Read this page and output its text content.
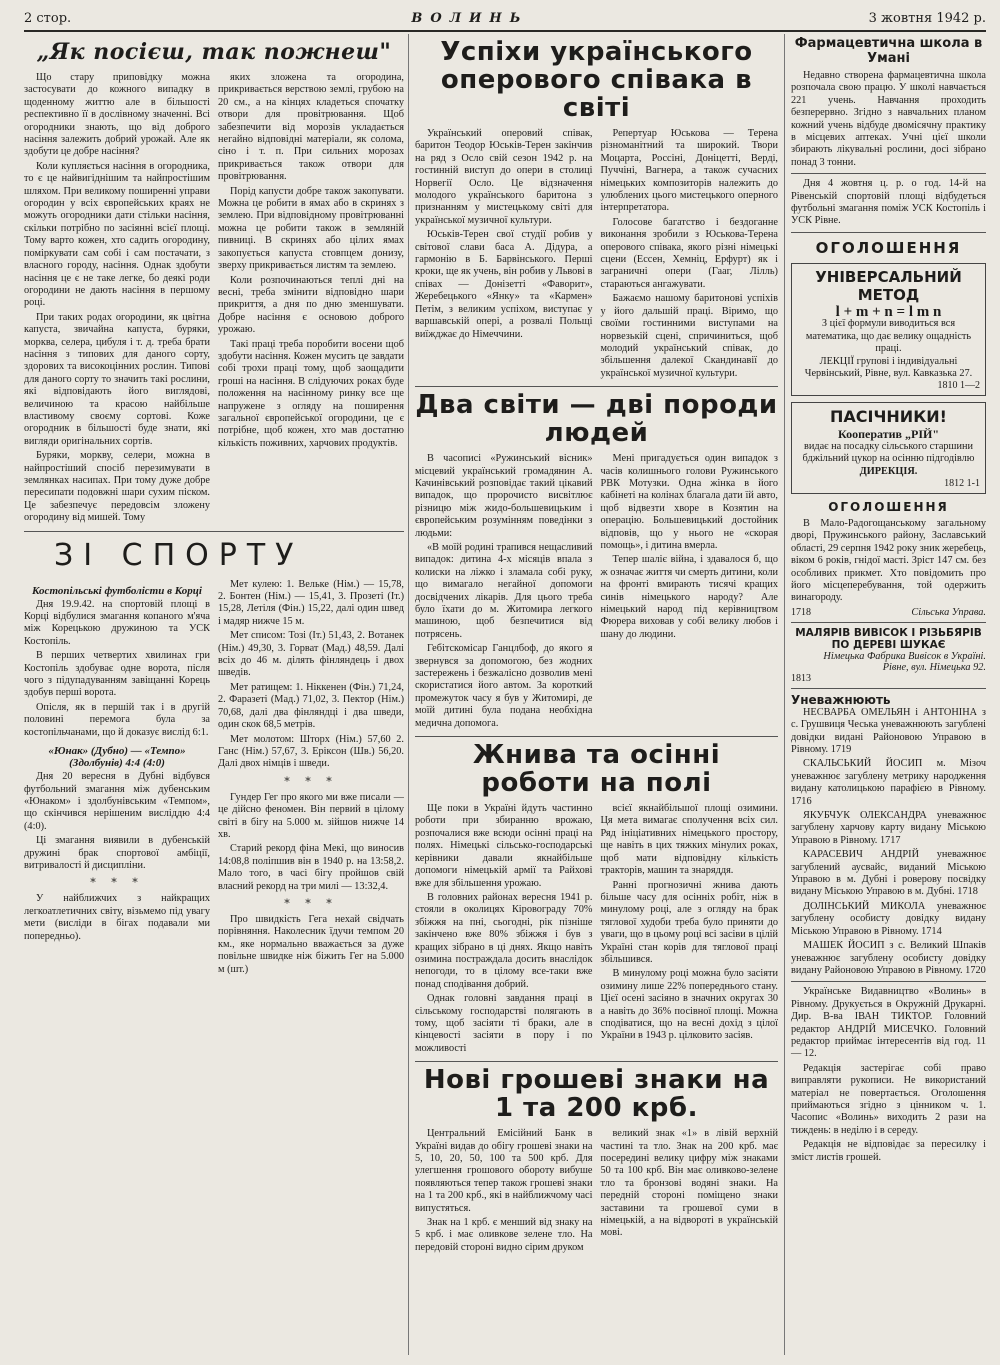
2 стор.	ВОЛИНЬ	3 жовтня 1942 р.
„Як посієш, так пожнеш"

Що стару приповідку можна застосувати до кожного випадку в щоденному життю але в більшості респективно її в дослівному значенні. Всі огородники знають, що від доброго насіння залежить добрий урожай. Але як здобути це добре насіння?

Коли купляється насіння в огородника, то є це найвигіднішим та найпростішим шляхом. При великому поширенні управи огородин у всіх європейських краях не можуть огородники дати стільки насіння, скільки потрібно по засіянні всієї площі. Тому варто кожен, хто садить огородину, поміркувати сам собі і сам постачати, з власного городу, насіння. Однак здобути насіння це є не таке легке, бо деякі роди огородини не дають насіння в першому році.

При таких родах огородини, як цвітна капуста, звичайна капуста, буряки, морква, селера, цибуля і т. д. треба брати насіння з типових для даного сорту, здорових та високоцінних рослин. Типові для даного сорту то значить такі рослини, які відповідають його виглядові, величиною та красою найбільше властивому своєму сортові. Коже огородник в більшості буде знати, які вигляди оригінальних сортів.

Буряки, моркву, селери, можна в найпростіший спосіб перезимувати в землянках насипах. При тому дуже добре пересипати подовжні шари сухим піском. Це забезпечує передовсім зложену огородину від мишей. Тому

яких зложена та огородина, прикривається верствою землі, грубою на 20 см., а на кінцях кладеться спочатку отвори для провітрювання. Щоб забезпечити від морозів укладається негайно відповідні матеріали, як солома, сіно і т. п. При сильних морозах прикривається також отвори для провітрювання.

Порід капусти добре також закопувати. Можна це робити в ямах або в скринях з землею. При відповідному провітрюванні можна це робити також в земляній пивниці. В скринях або цілих ямах закопується капуста стовпцем донизу, зверху прикривається листям та землею.

Коли розпочинаються теплі дні на весні, треба змінити відповідно шари прикриття, а дня по дню зменшувати. Добре насіння є основою доброго урожаю.

Такі праці треба поробити восени щоб здобути насіння. Кожен мусить це завдати собі трохи праці тому, щоб заощадити гроші на насіння. В слідуючих роках буде положення на насінному ринку все ще напружене з огляду на поширення загальної європейської огородини, це є потрібне, щоб кожен, хто мав достатню кількість поживних, харчових продуктів.

ЗІ СПОРТУ
Костопільські футболісти в Корці

Дня 19.9.42. на спортовій площі в Корці відбулися змагання копаного м'яча між Корецькою дружиною та УСК Костопіль.

В перших четвертих хвилинах гри Костопіль здобуває одне ворота, після чого з підупадуванням завіщанні Корець здобув перші ворота.

Опісля, як в першій так і в другій половині перемога була за костопільчанами, що й доказує вислід 6:1.

«Юнак» (Дубно) — «Темпо» (Здолбунів) 4:4 (4:0)

Дня 20 вересня в Дубні відбувся футбольний змагання між дубенським «Юнаком» і здолбунівським «Темпом», що скінчився нерішеним висліддю 4:4 (4:0).

Ці змагання виявили в дубенській дружині брак спортової амбіції, витривалості й дисципліни.

* * *

У найближчих з найкращих легкоатлетичних світу, візьмемо під увагу мети (висліди в бігах подавали ми попередньо).

Мет кулею: 1. Вельке (Нім.) — 15,78, 2. Бонтен (Нім.) — 15,41, 3. Прозеті (Іт.) 15,28, Летіля (Фін.) 15,22, далі один швед і мадяр нижче 15 м.

Мет списом: Тозі (Іт.) 51,43, 2. Вотанек (Нім.) 49,30, 3. Горват (Мад.) 48,59. Далі всіх до 46 м. ділять фінляндець і двох шведів.

Мет ратищем: 1. Ніккенен (Фін.) 71,24, 2. Фаразеті (Мад.) 71,02, 3. Пектор (Нім.) 70,68, далі два фінляндці і два шведи, один скок 68,5 метрів.

Мет молотом: Шторх (Нім.) 57,60 2. Ганс (Нім.) 57,67, 3. Еріксон (Шв.) 56,20. Далі двох німців і шведи.

* * *

Гундер Гег про якого ми вже писали — це дійсно феномен. Він первий в цілому світі в бігу на 5.000 м. зійшов нижче 14 хв.

Старий рекорд фіна Мекі, що виносив 14:08,8 поліпшив він в 1940 р. на 13:58,2. Мало того, в часі бігу пройшов свій власний рекорд на три милі — 13:32,4.

* * *

Про швидкість Гега нехай свідчать порівняння. Наколесник їдучи темпом 20 км., яке нормально вважається за дуже повільне швидке ніж біжить Гег на 5.000 м (шт.)

Успіхи українського оперового співака в світі

Український оперовий співак, баритон Теодор Юськів-Терен закінчив на ряд з Осло свій сезон 1942 р. на гостинній виступ до опери в столиці Норвегії Осло. Це відзначення молодого українського баритона з признанням у мистецькому світі для української музичної культури.

Юськів-Терен свої студії робив у світової слави баса А. Дідура, а гармонію в Б. Барвінського. Перші кроки, ще як учень, він робив у Львові в співах — Донізетті «Фаворит», Жеребецького «Янку» та «Кармен» Петім, з великим успіхом, виступає у варшавській опері, а розвалі Польщі виїжджає до Німеччини.

Репертуар Юськова — Терена різноманітний та широкий. Твори Моцарта, Россіні, Доніцетті, Верді, Пуччіні, Вагнера, а також сучасних німецьких композиторів належить до улюблених цього мистецького оперного інтерпретатора.

Голосове багатство і бездоганне виконання зробили з Юськова-Терена оперового співака, якого різні німецькі сцени (Ессен, Хемніц, Ерфурт) як і заграничні опери (Гааг, Лілль) стараються ангажувати.

Бажаємо нашому баритонові успіхів у його дальшій праці. Віримо, що своїми гостинними виступами на норвезькій сцені, спричиниться, щоб молодий український співак, до збільшення далекої Скандинавії до української музичної культури.

Два світи — дві породи людей

В часописі «Ружинський вісник» місцевий український громадянин А. Качинівський розповідає такий цікавий випадок, що пророчисто висвітлює різницю між жидо-большевицьким і європейським розумінням поведінки з людьми:

«В моїй родині трапився нещасливий випадок: дитина 4-х місяців впала з колиски на ліжко і зламала собі руку, що вимагало негайної допомоги досвідчених лікарів. Для цього треба було їхати до м. Житомира легкого машиною, щоб безпечитися від потрясень.

Гебітскомісар Ганцлбоф, до якого я звернувся за допомогою, без жодних застережень і безжалісно дозволив мені скористатися його автом. За короткий промежуток часу я був у Житомирі, де моїй дитині була подана необхідна медична допомога.

Мені пригадується один випадок з часів колишнього голови Ружинського РВК Мотузки. Одна жінка в його кабінеті на колінах благала дати їй авто, щоб вiдвезти хворе в Козятин на операцію. Большевицький достойник відповів, що у нього не «скорая помощь», і дитина вмерла.

Тепер шаліє війна, і здавалося б, що ж означає життя чи смерть дитини, коли на фронті вмирають тисячі кращих синів німецького народу? Але німецький народ під керівництвом Фюрера виховав у собі велику любов і шану до людини.

Жнива та осінні роботи на полі

Ще поки в Україні йдуть частинно роботи при збиранню врожаю, розпочалися вже всюди осінні праці на полях. Німецькі сільсько-господарські керівники давали якнайбільше допомоги німецькій армії та Райхові вже для збільшення урожаю.

В головних районах вересня 1941 р. стояли в околицях Кіровограду 70% збіжжя на пні, сьогодні, рік пізніше закінчено вже 80% збіжжя і був з кращих зібрано в ці днях. Якщо навіть озимина постраждала досить внаслідок непогоди, то в цілому все-таки вже понад сподівання добрий.

Однак головні завдання праці в сільському господарстві полягають в тому, щоб засіяти ті браки, але в кінцевості засіяти в пору і по можливості

всієї якнайбільшої площі озимини. Ця мета вимагає сполучення всіх сил. Ряд ініціативних німецького простору, ще навіть в цих тяжких мінулих роках, щоб мати відповідну кількість тракторів, машин та знаряддя.

Ранні прогнозичні жнива дають більше часу для осінніх робіт, ніж в минулому році, але з огляду на брак тяглової худоби треба було приняти до уваги, що в цьому році всі засіви в цілій Україні стан корів для тяглової праці збільшився.

В минулому році можна було засіяти озимину лише 22% попереднього стану. Цієї осені засіяно в значних округах 30 а навіть до 36% посівної площі. Можна сподіватися, що на весні дохід з цілої України в 1943 р. цілковито засіяв.

Нові грошеві знаки на 1 та 200 крб.

Центральний Емісійний Банк в Україні видав до обігу грошеві знаки на 5, 10, 20, 50, 100 та 500 крб. Для улегшення грошового обороту вибуше появляються тепер також грошеві знаки на 1 та 200 крб., які в найближчому часі випустяться.

Знак на 1 крб. є менший від знаку на 5 крб. і має оливкове зелене тло. На передовій стороні видно сірим друком

великий знак «1» в лівій верхній частині та тло. Знак на 200 крб. має посередині велику цифру між знаками 50 та 100 крб. Він має оливково-зелене тло та бронзові водяні знаки. На передній стороні поміщено знаки заставини та грошевої суми в німецькій, а на відвороті в українській мові.

Фармацевтична школа в Умані

Недавно створена фармацевтична школа розпочала свою працю. У школі навчається 221 учень. Навчання проходить безперервно. Згідно з навчальних планом кожний учень відбуде двомісячну практику в місцевих аптеках. Учні цієї школи збирають лікувальні рослини, досі зібрано понад 3 тонни.

Дня 4 жовтня ц. р. о год. 14-й на Рівенській спортовій площі відбудеться футбольні змагання поміж УСК Костопіль і УСК Рівне.

ОГОЛОШЕННЯ
УНІВЕРСАЛЬНИЙ МЕТОД
l + m + n = l m n
З цієї формули виводиться вся математика, що дає велику ощадність праці.
ЛЕКЦІЇ групові і індивідуальні
Червінський, Рівне, вул. Кавказька 27.
1810 1—2
ПАСІЧНИКИ!
Кооператив „РІЙ"
видає на посадку сільського старшини бджільний цукор на осінню підгодівлю
ДИРЕКЦІЯ.
1812 1-1
ОГОЛОШЕННЯ

В Мало-Радогощанському загальному дворі, Пружинського району, Заславський області, 29 серпня 1942 року зник жеребець, віком 6 років, гнідої масті. Зріст 147 см. без особливих прикмет. Хто повідомить про його місцеперебування, той одержить винагороду.

1718	Сільська Управа.
МАЛЯРІВ ВИВІСОК І РІЗЬБЯРІВ ПО ДЕРЕВІ ШУКАЄ
Німецька Фабрика Вивісок в Україні.
Рівне, вул. Німецька 92.
1813
Уневажнюють

НЕСВАРБА ОМЕЛЬЯН і АНТОНІНА з с. Грушвиця Чеська уневажнюють загублені довідки видані Районовою Управою в Рівному. 1719

СКАЛЬСЬКИЙ ЙОСИП м. Мізоч уневажнює загублену метрику народження видану католицькою парафією в Рівному. 1716

ЯКУБЧУК ОЛЕКСАНДРА уневажнює загублену харчову карту видану Міською Управою в Рівному. 1717

КАРАСЕВИЧ АНДРІЙ уневажнює загублений аусвайс, виданий Міською Управою в м. Дубні і роверову посвідку видану Міською Управою в м. Дубні. 1718

ДОЛІНСЬКИЙ МИКОЛА уневажнює загублену особисту довідку видану Міською Управою в Рівному. 1714

МАШЕК ЙОСИП з с. Великий Шпаків уневажнює загублену особисту довідку видану Районовою Управою в Рівному. 1720

Українське Видавництво «Волинь» в Рівному. Друкується в Окружній Друкарні. Дир. В-ва ІВАН ТИКТОР. Головний редактор АНДРІЙ МИСЕЧКО. Головний редактор приймає інтересентів від год. 11 — 12.

Редакція застерігає собі право виправляти рукописи. Не використаний матеріал не повертається. Оголошення приймаються згідно з цінником ч. 1. Часопис «Волинь» виходить 2 рази на тиждень: в неділю і в середу.

Редакція не відповідає за пересилку і зміст листів грошей.
